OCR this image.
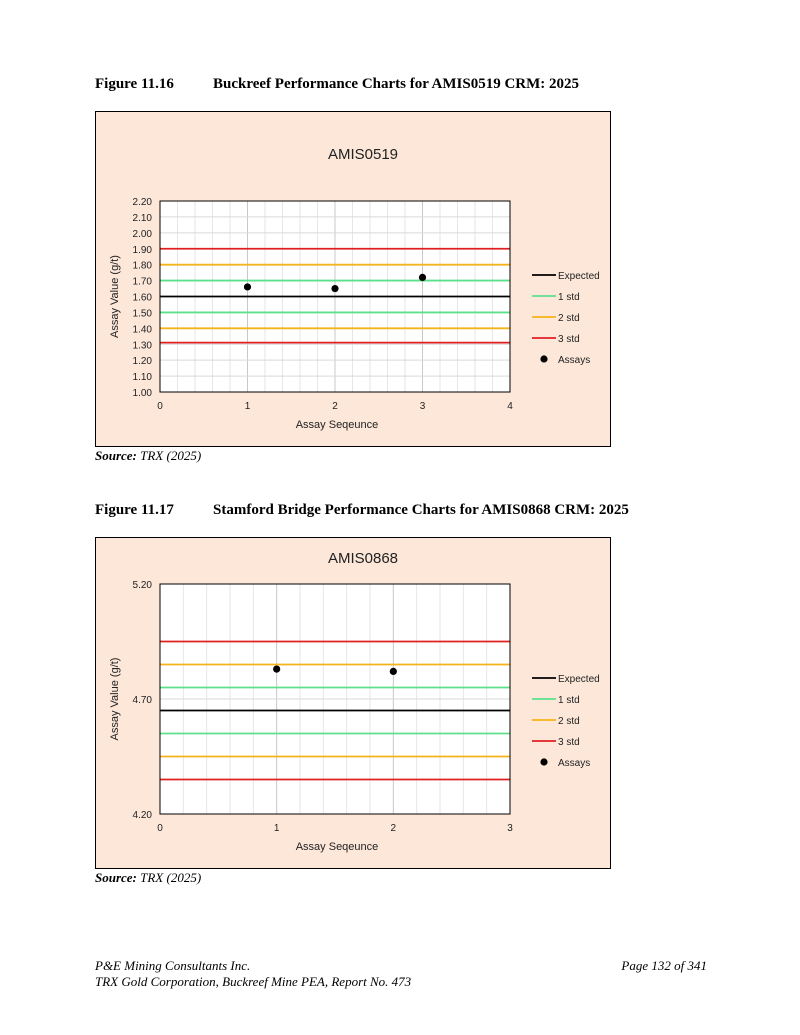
Figure 11.16	Buckreef Performance Charts for AMIS0519 CRM: 2025
AMIS0519
1.00
1.10
1.20
1.30
1.40
1.50
1.60
1.70
1.80
1.90
2.00
2.10
2.20
0	1	2	3	4
Assay Seqeunce
Assay Value (g/t)	Expected
1 std
2 std
3 std
Assays
Source: TRX (2025)
Figure 11.17	Stamford Bridge Performance Charts for AMIS0868 CRM: 2025
AMIS0868
4.20
4.70
5.20
0	1	2	3
Assay Seqeunce
Assay Value (g/t)	Expected
1 std
2 std
3 std
Assays
Source: TRX (2025)
P&E Mining Consultants Inc.
TRX Gold Corporation, Buckreef Mine PEA, Report No. 473
Page 132 of 341
